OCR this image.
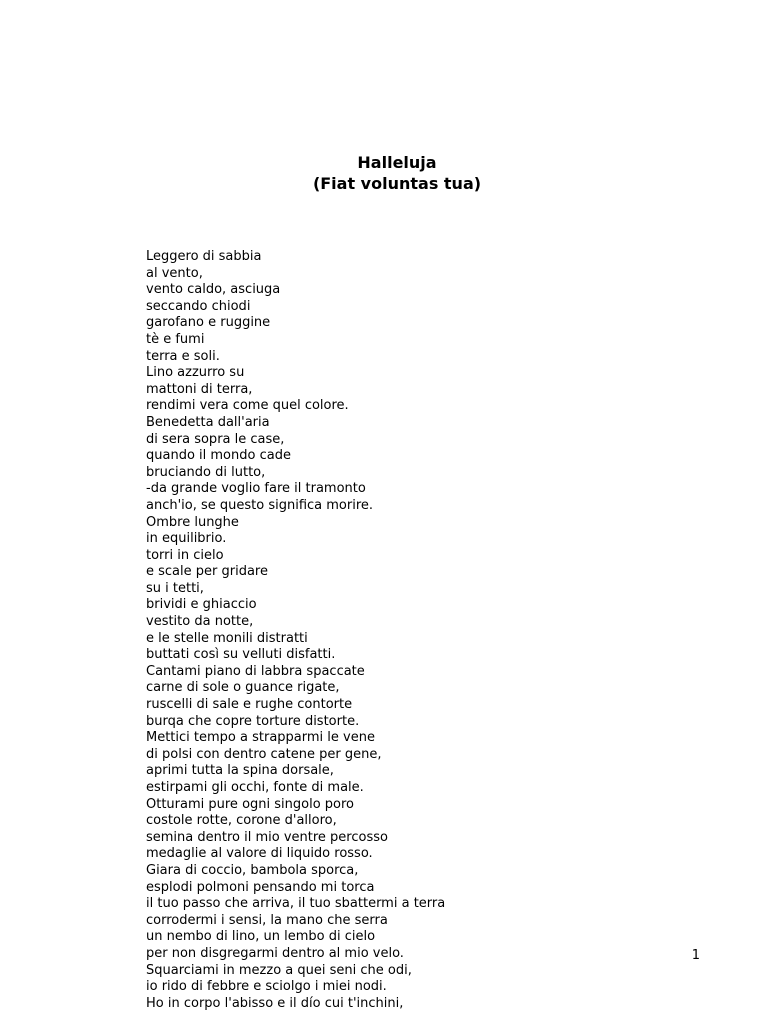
Halleluja
(Fiat voluntas tua)
Leggero di sabbia
al vento,
vento caldo, asciuga
seccando chiodi
garofano e ruggine
tè e fumi
terra e soli.
Lino azzurro su
mattoni di terra,
rendimi vera come quel colore.
Benedetta dall'aria
di sera sopra le case,
quando il mondo cade
bruciando di lutto,
-da grande voglio fare il tramonto
anch'io, se questo significa morire.
Ombre lunghe
in equilibrio.
torri in cielo
e scale per gridare
su i tetti,
brividi e ghiaccio
vestito da notte,
e le stelle monili distratti
buttati così su velluti disfatti.
Cantami piano di labbra spaccate
carne di sole o guance rigate,
ruscelli di sale e rughe contorte
burqa che copre torture distorte.
Mettici tempo a strapparmi le vene
di polsi con dentro catene per gene,
aprimi tutta la spina dorsale,
estirpami gli occhi, fonte di male.
Otturami pure ogni singolo poro
costole rotte, corone d'alloro,
semina dentro il mio ventre percosso
medaglie al valore di liquido rosso.
Giara di coccio, bambola sporca,
esplodi polmoni pensando mi torca
il tuo passo che arriva, il tuo sbattermi a terra
corrodermi i sensi, la mano che serra
un nembo di lino, un lembo di cielo
per non disgregarmi dentro al mio velo.
Squarciami in mezzo a quei seni che odi,
io rido di febbre e sciolgo i miei nodi.
Ho in corpo l'abisso e il dío cui t'inchini,
1
